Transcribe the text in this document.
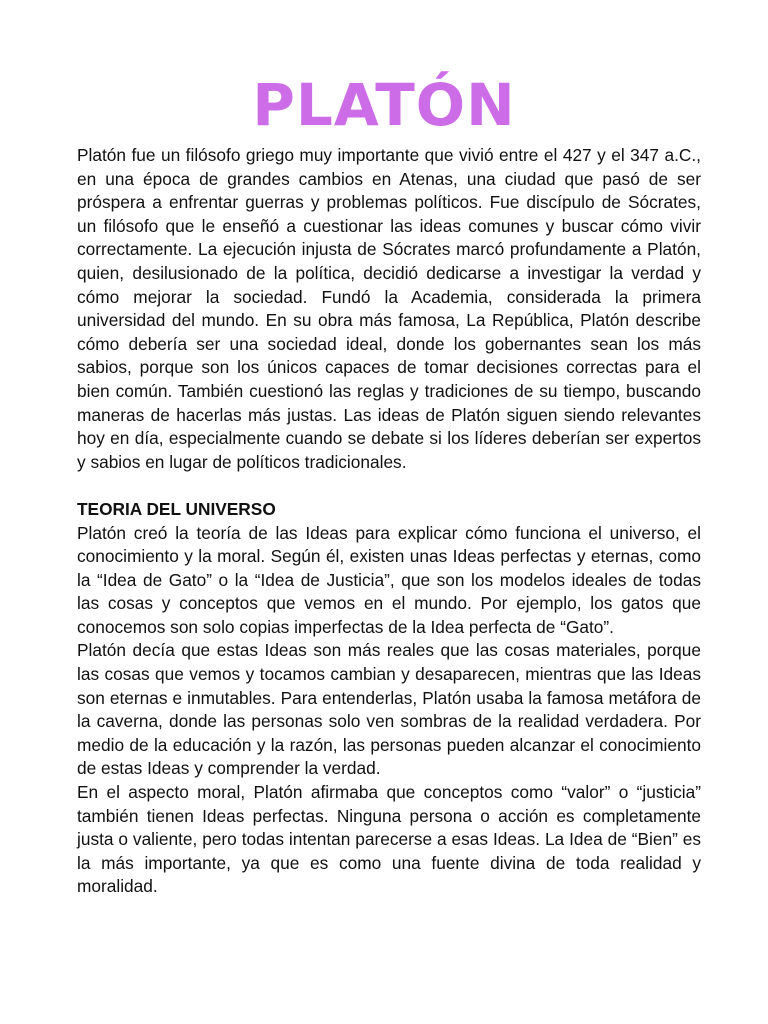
PLATÓN

Platón fue un filósofo griego muy importante que vivió entre el 427 y el 347 a.C., en una época de grandes cambios en Atenas, una ciudad que pasó de ser próspera a enfrentar guerras y problemas políticos. Fue discípulo de Sócrates, un filósofo que le enseñó a cuestionar las ideas comunes y buscar cómo vivir correctamente. La ejecución injusta de Sócrates marcó profundamente a Platón, quien, desilusionado de la política, decidió dedicarse a investigar la verdad y cómo mejorar la sociedad. Fundó la Academia, considerada la primera universidad del mundo. En su obra más famosa, La República, Platón describe cómo debería ser una sociedad ideal, donde los gobernantes sean los más sabios, porque son los únicos capaces de tomar decisiones correctas para el bien común. También cuestionó las reglas y tradiciones de su tiempo, buscando maneras de hacerlas más justas. Las ideas de Platón siguen siendo relevantes hoy en día, especialmente cuando se debate si los líderes deberían ser expertos y sabios en lugar de políticos tradicionales.

TEORIA DEL UNIVERSO

Platón creó la teoría de las Ideas para explicar cómo funciona el universo, el conocimiento y la moral. Según él, existen unas Ideas perfectas y eternas, como la “Idea de Gato” o la “Idea de Justicia”, que son los modelos ideales de todas las cosas y conceptos que vemos en el mundo. Por ejemplo, los gatos que conocemos son solo copias imperfectas de la Idea perfecta de “Gato”.

Platón decía que estas Ideas son más reales que las cosas materiales, porque las cosas que vemos y tocamos cambian y desaparecen, mientras que las Ideas son eternas e inmutables. Para entenderlas, Platón usaba la famosa metáfora de la caverna, donde las personas solo ven sombras de la realidad verdadera. Por medio de la educación y la razón, las personas pueden alcanzar el conocimiento de estas Ideas y comprender la verdad.

En el aspecto moral, Platón afirmaba que conceptos como “valor” o “justicia” también tienen Ideas perfectas. Ninguna persona o acción es completamente justa o valiente, pero todas intentan parecerse a esas Ideas. La Idea de “Bien” es la más importante, ya que es como una fuente divina de toda realidad y moralidad.
